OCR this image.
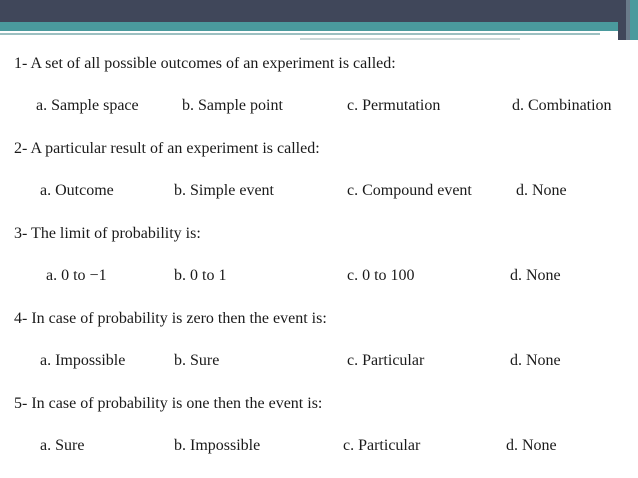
1- A set of all possible outcomes of an experiment is called:
a. Sample space	b. Sample point	c. Permutation	d. Combination
2- A particular result of an experiment is called:
a. Outcome	b. Simple event	c. Compound event	d. None
3- The limit of probability is:
a. 0 to −1	b. 0 to 1	c. 0 to 100	d. None
4- In case of probability is zero then the event is:
a. Impossible	b. Sure	c. Particular	d. None
5- In case of probability is one then the event is:
a. Sure	b. Impossible	c. Particular	d. None
